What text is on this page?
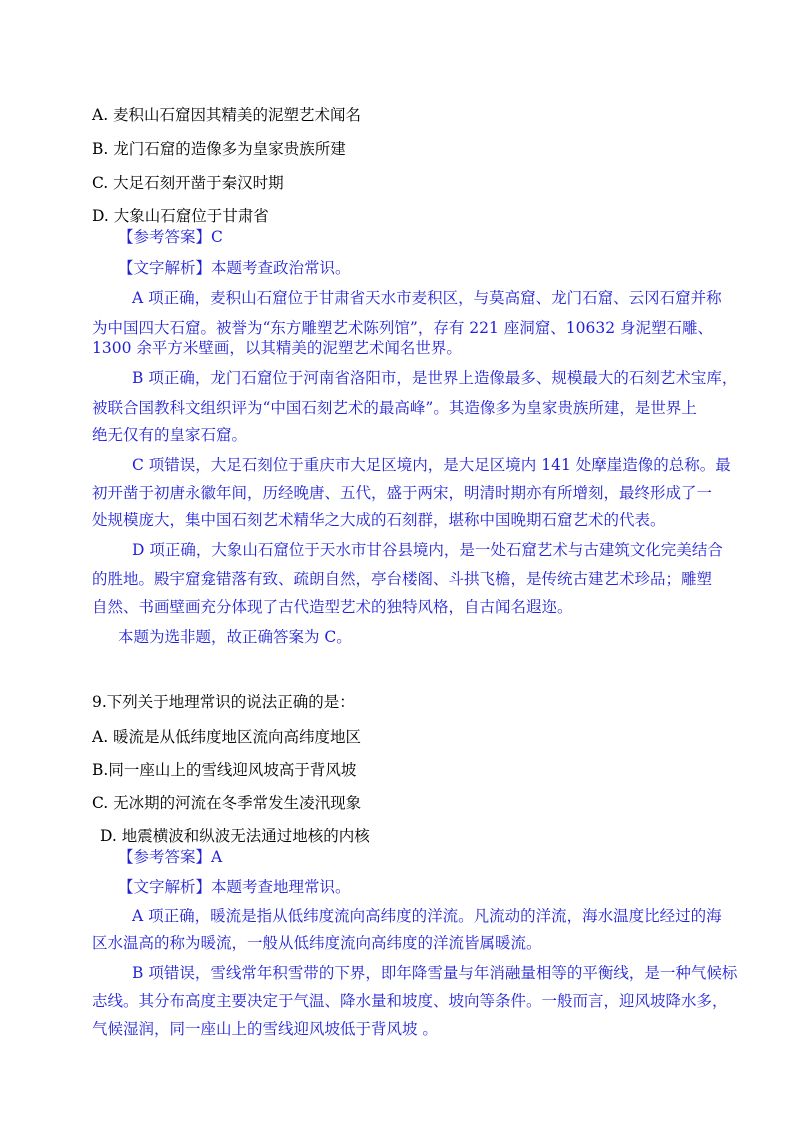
A. 麦积山石窟因其精美的泥塑艺术闻名
B. 龙门石窟的造像多为皇家贵族所建
C. 大足石刻开凿于秦汉时期
D. 大象山石窟位于甘肃省
【参考答案】C
【文字解析】本题考查政治常识。
A 项正确，麦积山石窟位于甘肃省天水市麦积区，与莫高窟、龙门石窟、云冈石窟并称
为中国四大石窟。被誉为“东方雕塑艺术陈列馆”，存有 221 座洞窟、10632 身泥塑石雕、
1300 余平方米壁画，以其精美的泥塑艺术闻名世界。
B 项正确，龙门石窟位于河南省洛阳市，是世界上造像最多、规模最大的石刻艺术宝库，
被联合国教科文组织评为“中国石刻艺术的最高峰”。其造像多为皇家贵族所建，是世界上
绝无仅有的皇家石窟。
C 项错误，大足石刻位于重庆市大足区境内，是大足区境内 141 处摩崖造像的总称。最
初开凿于初唐永徽年间，历经晚唐、五代，盛于两宋，明清时期亦有所增刻，最终形成了一
处规模庞大，集中国石刻艺术精华之大成的石刻群，堪称中国晚期石窟艺术的代表。
D 项正确，大象山石窟位于天水市甘谷县境内，是一处石窟艺术与古建筑文化完美结合
的胜地。殿宇窟龛错落有致、疏朗自然，亭台楼阁、斗拱飞檐，是传统古建艺术珍品；雕塑
自然、书画壁画充分体现了古代造型艺术的独特风格，自古闻名遐迩。
本题为选非题，故正确答案为 C。
9.下列关于地理常识的说法正确的是：
A. 暖流是从低纬度地区流向高纬度地区
B.同一座山上的雪线迎风坡高于背风坡
C. 无冰期的河流在冬季常发生凌汛现象
D. 地震横波和纵波无法通过地核的内核
【参考答案】A
【文字解析】本题考查地理常识。
A 项正确，暖流是指从低纬度流向高纬度的洋流。凡流动的洋流，海水温度比经过的海
区水温高的称为暖流，一般从低纬度流向高纬度的洋流皆属暖流。
B 项错误，雪线常年积雪带的下界，即年降雪量与年消融量相等的平衡线，是一种气候标
志线。其分布高度主要决定于气温、降水量和坡度、坡向等条件。一般而言，迎风坡降水多，
气候湿润，同一座山上的雪线迎风坡低于背风坡 。
